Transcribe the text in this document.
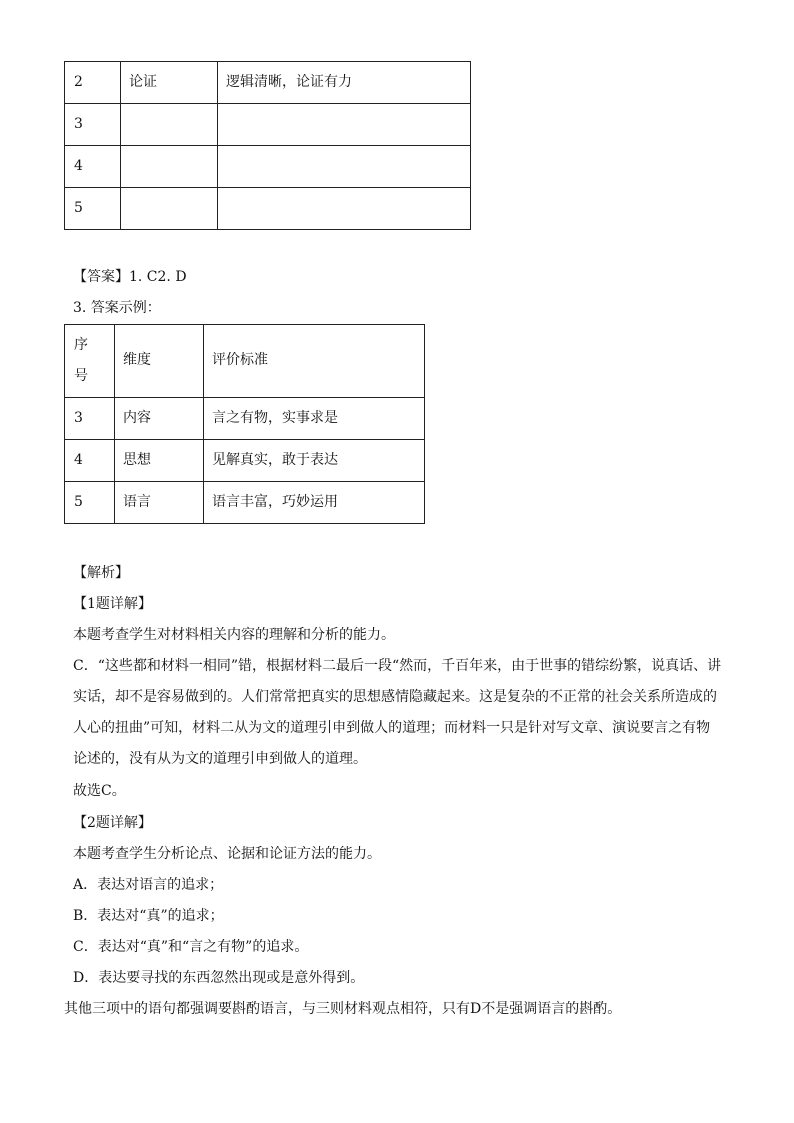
2	论证	逻辑清晰，论证有力
3		
4		
5		
【答案】1. C2. D
3. 答案示例：
序
号	维度	评价标准
3	内容	言之有物，实事求是
4	思想	见解真实，敢于表达
5	语言	语言丰富，巧妙运用
【解析】
【1题详解】
本题考查学生对材料相关内容的理解和分析的能力。
C．“这些都和材料一相同”错，根据材料二最后一段“然而，千百年来，由于世事的错综纷繁，说真话、讲实话，却不是容易做到的。人们常常把真实的思想感情隐藏起来。这是复杂的不正常的社会关系所造成的人心的扭曲”可知，材料二从为文的道理引申到做人的道理；而材料一只是针对写文章、演说要言之有物论述的，没有从为文的道理引申到做人的道理。
故选C。
【2题详解】
本题考查学生分析论点、论据和论证方法的能力。
A．表达对语言的追求；
B．表达对“真”的追求；
C．表达对“真”和“言之有物”的追求。
D．表达要寻找的东西忽然出现或是意外得到。
其他三项中的语句都强调要斟酌语言，与三则材料观点相符，只有D不是强调语言的斟酌。
